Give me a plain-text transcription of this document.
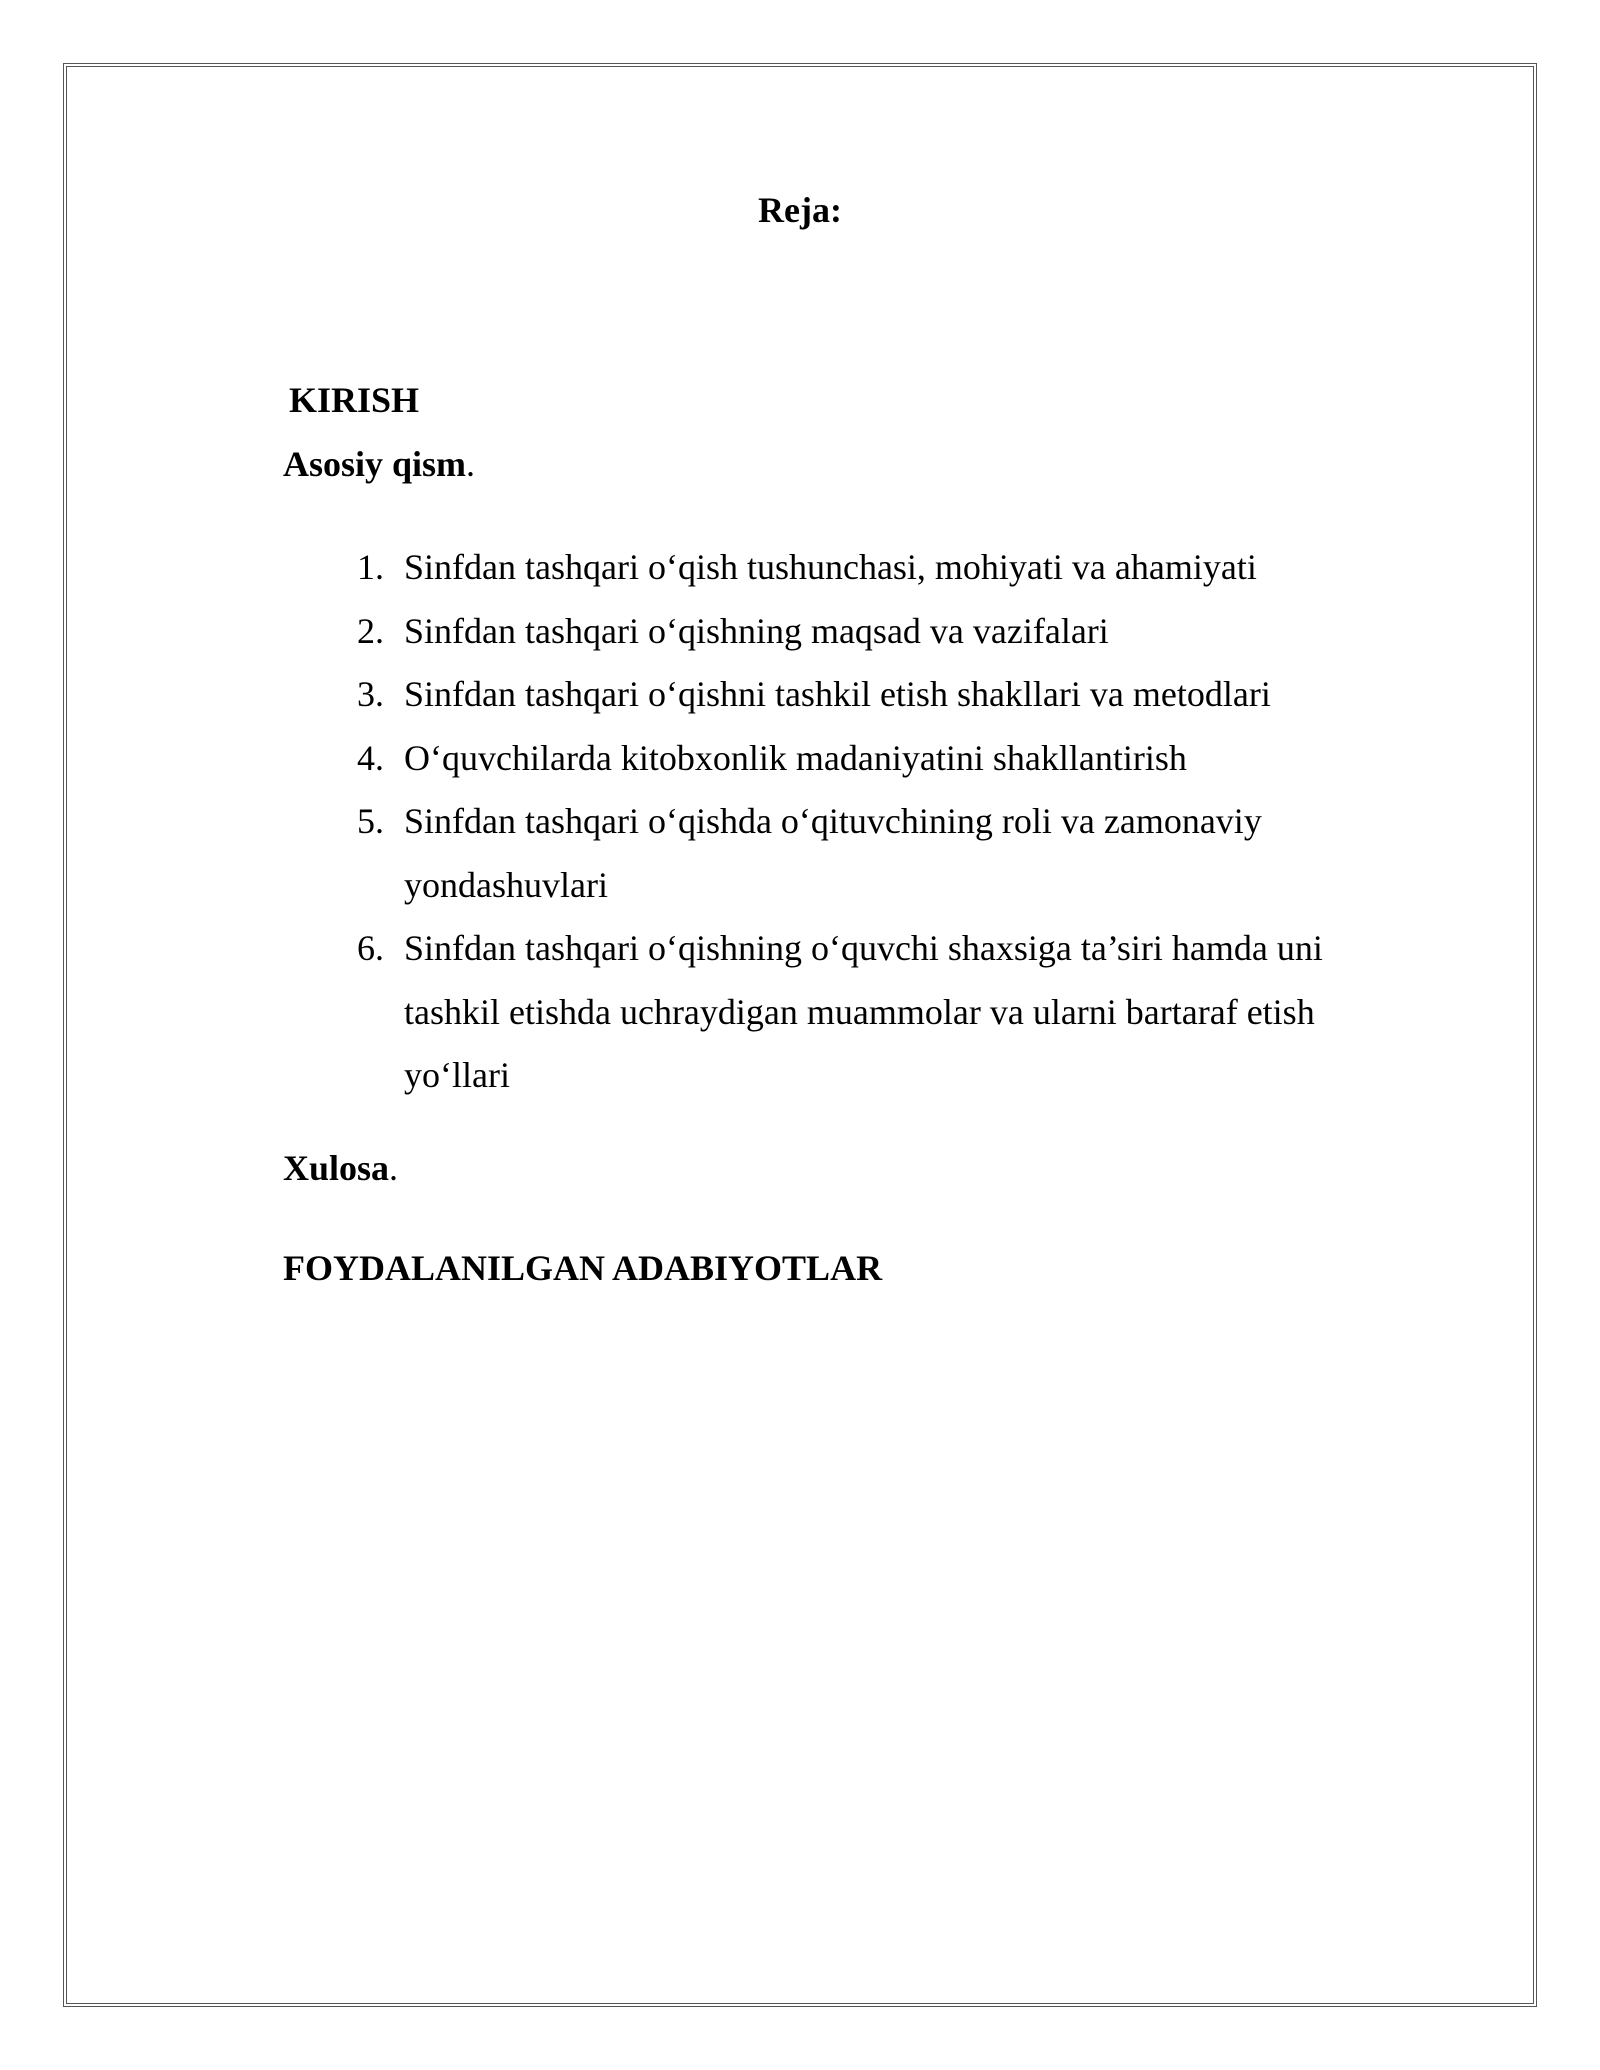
Reja:
KIRISH
Asosiy qism.
1. Sinfdan tashqari o‘qish tushunchasi, mohiyati va ahamiyati
2. Sinfdan tashqari o‘qishning maqsad va vazifalari
3. Sinfdan tashqari o‘qishni tashkil etish shakllari va metodlari
4. O‘quvchilarda kitobxonlik madaniyatini shakllantirish
5. Sinfdan tashqari o‘qishda o‘qituvchining roli va zamonaviy yondashuvlari
6. Sinfdan tashqari o‘qishning o‘quvchi shaxsiga ta’siri hamda uni tashkil etishda uchraydigan muammolar va ularni bartaraf etish yo‘llari
Xulosa.
FOYDALANILGAN ADABIYOTLAR
